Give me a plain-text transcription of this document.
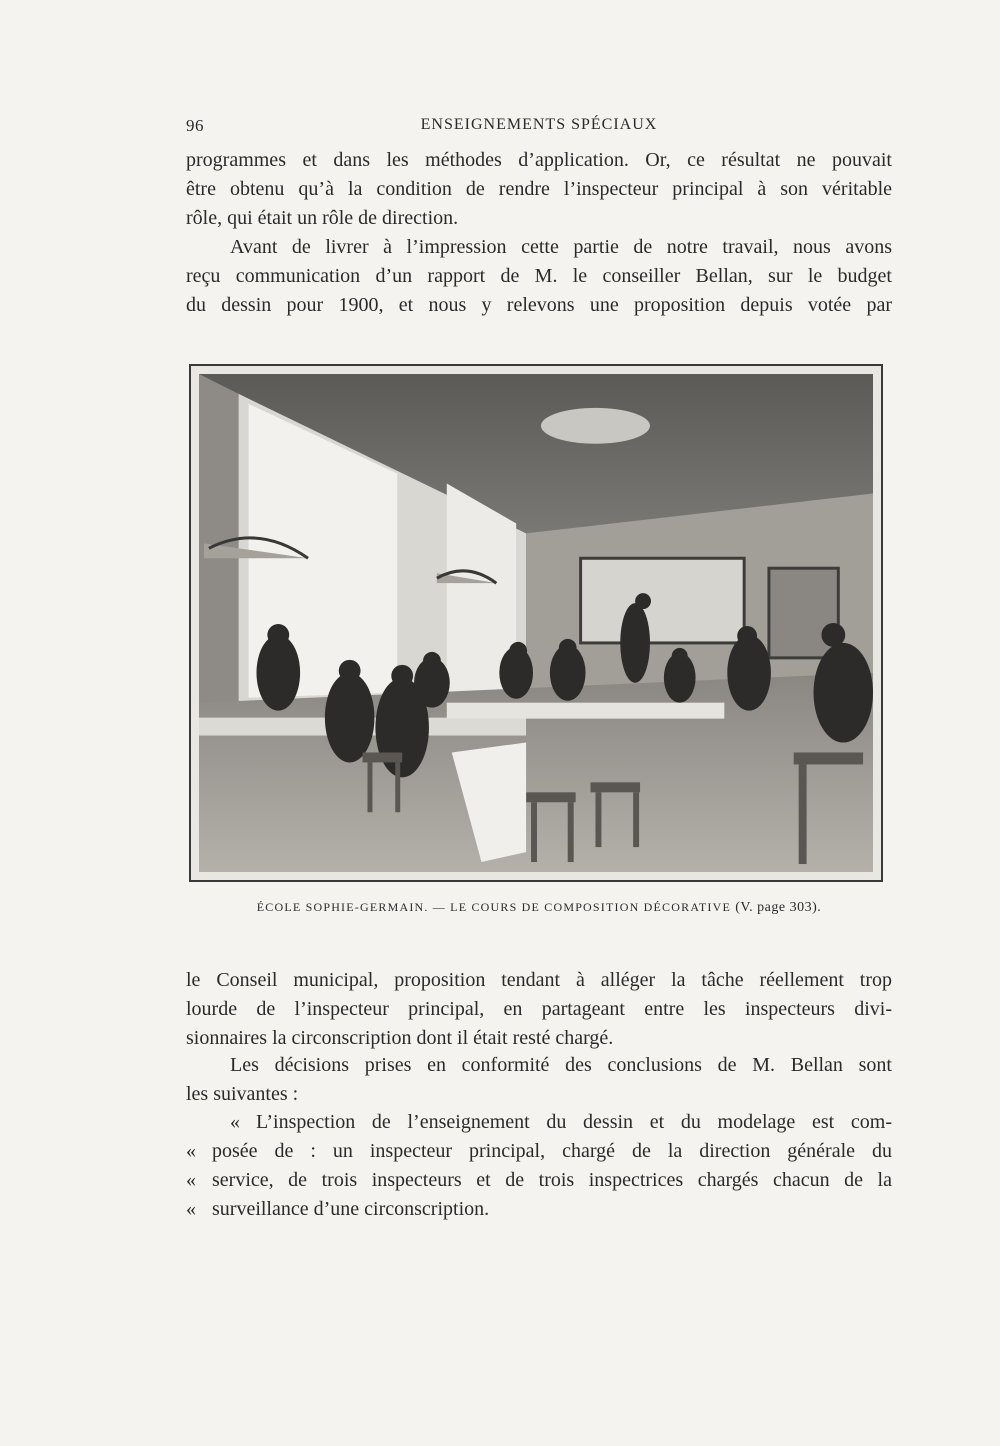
96	ENSEIGNEMENTS SPÉCIAUX

programmes et dans les méthodes d’application. Or, ce résultat ne pouvait
être obtenu qu’à la condition de rendre l’inspecteur principal à son véritable
rôle, qui était un rôle de direction.

Avant de livrer à l’impression cette partie de notre travail, nous avons
reçu communication d’un rapport de M. le conseiller Bellan, sur le budget
du dessin pour 1900, et nous y relevons une proposition depuis votée par

ÉCOLE SOPHIE-GERMAIN. — LE COURS DE COMPOSITION DÉCORATIVE (V. page 303).

le Conseil municipal, proposition tendant à alléger la tâche réellement trop
lourde de l’inspecteur principal, en partageant entre les inspecteurs divi-
sionnaires la circonscription dont il était resté chargé.

Les décisions prises en conformité des conclusions de M. Bellan sont
les suivantes :

« L’inspection de l’enseignement du dessin et du modelage est com-
« posée de : un inspecteur principal, chargé de la direction générale du
« service, de trois inspecteurs et de trois inspectrices chargés chacun de la
« surveillance d’une circonscription.
